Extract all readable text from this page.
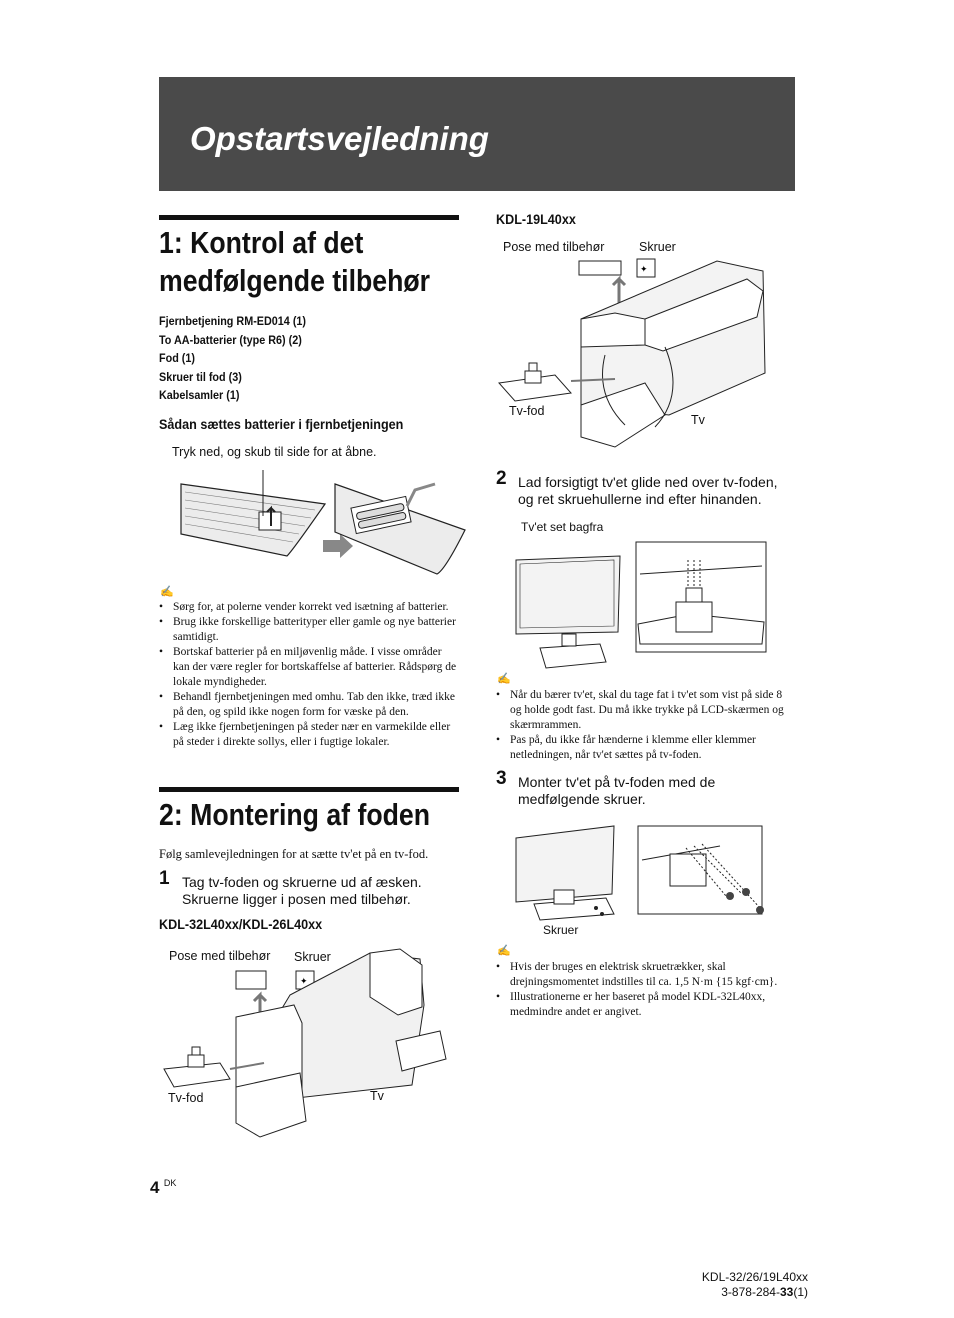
Opstartsvejledning
1: Kontrol af det
medfølgende tilbehør
Fjernbetjening RM-ED014 (1)
To AA-batterier (type R6) (2)
Fod (1)
Skruer til fod (3)
Kabelsamler (1)
Sådan sættes batterier i fjernbetjeningen
Tryk ned, og skub til side for at åbne.
✍
• Sørg for, at polerne vender korrekt ved isætning af batterier.
• Brug ikke forskellige batterityper eller gamle og nye batterier samtidigt.
• Bortskaf batterier på en miljøvenlig måde. I visse områder kan der være regler for bortskaffelse af batterier. Rådspørg de lokale myndigheder.
• Behandl fjernbetjeningen med omhu. Tab den ikke, træd ikke på den, og spild ikke nogen form for væske på den.
• Læg ikke fjernbetjeningen på steder nær en varmekilde eller på steder i direkte sollys, eller i fugtige lokaler.
2: Montering af foden
Følg samlevejledningen for at sætte tv'et på en tv-fod.
1 Tag tv-foden og skruerne ud af æsken.
Skruerne ligger i posen med tilbehør.
KDL-32L40xx/KDL-26L40xx
Pose med tilbehør Skruer
Tv-fod	Tv
✦
KDL-19L40xx
Pose med tilbehør	Skruer
Tv-fod
Tv
✦
2 Lad forsigtigt tv'et glide ned over tv-foden,
og ret skruehullerne ind efter hinanden.
Tv'et set bagfra
✍
• Når du bærer tv'et, skal du tage fat i tv'et som vist på side 8 og holde godt fast. Du må ikke trykke på LCD-skærmen og skærmrammen.
• Pas på, du ikke får hænderne i klemme eller klemmer netledningen, når tv'et sættes på tv-foden.
3 Monter tv'et på tv-foden med de
medfølgende skruer.
Skruer
✍
• Hvis der bruges en elektrisk skruetrækker, skal drejningsmomentet indstilles til ca. 1,5 N·m {15 kgf·cm}.
• Illustrationerne er her baseret på model KDL-32L40xx, medmindre andet er angivet.
4 $^{DK}$
KDL-32/26/19L40xx
3-878-284-33(1)
